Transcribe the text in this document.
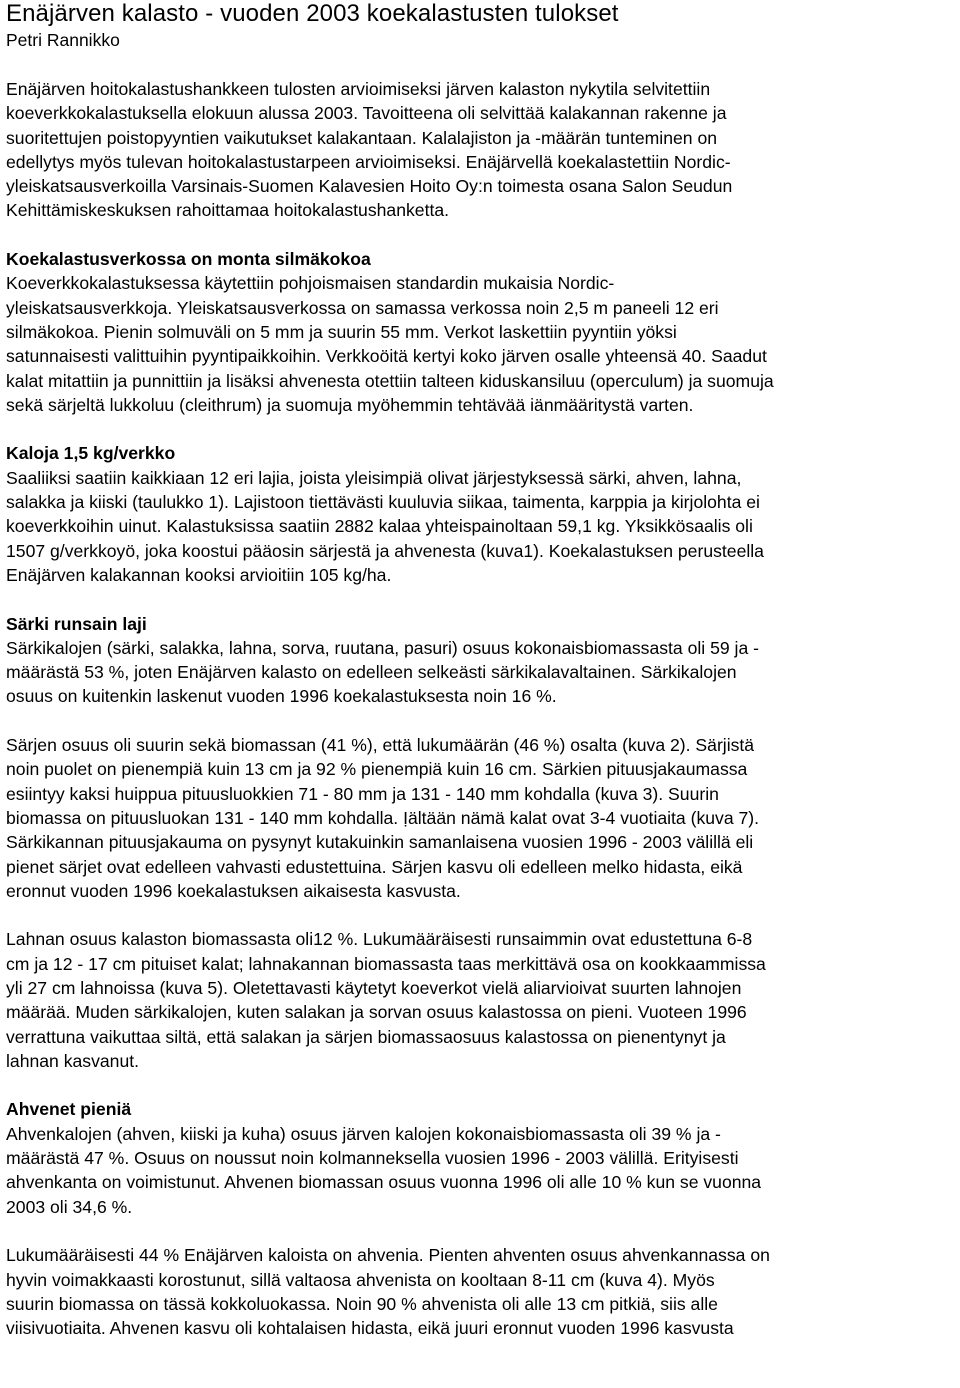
Enäjärven kalasto - vuoden 2003 koekalastusten tulokset
Petri Rannikko

Enäjärven hoitokalastushankkeen tulosten arvioimiseksi järven kalaston nykytila selvitettiin
koeverkkokalastuksella elokuun alussa 2003. Tavoitteena oli selvittää kalakannan rakenne ja
suoritettujen poistopyyntien vaikutukset kalakantaan. Kalalajiston ja -määrän tunteminen on
edellytys myös tulevan hoitokalastustarpeen arvioimiseksi. Enäjärvellä koekalastettiin Nordic-
yleiskatsausverkoilla Varsinais-Suomen Kalavesien Hoito Oy:n toimesta osana Salon Seudun
Kehittämiskeskuksen rahoittamaa hoitokalastushanketta.

Koekalastusverkossa on monta silmäkokoa

Koeverkkokalastuksessa käytettiin pohjoismaisen standardin mukaisia Nordic-
yleiskatsausverkkoja. Yleiskatsausverkossa on samassa verkossa noin 2,5 m paneeli 12 eri
silmäkokoa. Pienin solmuväli on 5 mm ja suurin 55 mm. Verkot laskettiin pyyntiin yöksi
satunnaisesti valittuihin pyyntipaikkoihin. Verkkoöitä kertyi koko järven osalle yhteensä 40. Saadut
kalat mitattiin ja punnittiin ja lisäksi ahvenesta otettiin talteen kiduskansiluu (operculum) ja suomuja
sekä särjeltä lukkoluu (cleithrum) ja suomuja myöhemmin tehtävää iänmääritystä varten.

Kaloja 1,5 kg/verkko

Saaliiksi saatiin kaikkiaan 12 eri lajia, joista yleisimpiä olivat järjestyksessä särki, ahven, lahna,
salakka ja kiiski (taulukko 1). Lajistoon tiettävästi kuuluvia siikaa, taimenta, karppia ja kirjolohta ei
koeverkkoihin uinut. Kalastuksissa saatiin 2882 kalaa yhteispainoltaan 59,1 kg. Yksikkösaalis oli
1507 g/verkkoyö, joka koostui pääosin särjestä ja ahvenesta (kuva1). Koekalastuksen perusteella
Enäjärven kalakannan kooksi arvioitiin 105 kg/ha.

Särki runsain laji

Särkikalojen (särki, salakka, lahna, sorva, ruutana, pasuri) osuus kokonaisbiomassasta oli 59 ja -
määrästä 53 %, joten Enäjärven kalasto on edelleen selkeästi särkikalavaltainen. Särkikalojen
osuus on kuitenkin laskenut vuoden 1996 koekalastuksesta noin 16 %.

Särjen osuus oli suurin sekä biomassan (41 %), että lukumäärän (46 %) osalta (kuva 2). Särjistä
noin puolet on pienempiä kuin 13 cm ja 92 % pienempiä kuin 16 cm. Särkien pituusjakaumassa
esiintyy kaksi huippua pituusluokkien 71 - 80 mm ja 131 - 140 mm kohdalla (kuva 3). Suurin
biomassa on pituusluokan 131 - 140 mm kohdalla. Ịältään nämä kalat ovat 3-4 vuotiaita (kuva 7).
Särkikannan pituusjakauma on pysynyt kutakuinkin samanlaisena vuosien 1996 - 2003 välillä eli
pienet särjet ovat edelleen vahvasti edustettuina. Särjen kasvu oli edelleen melko hidasta, eikä
eronnut vuoden 1996 koekalastuksen aikaisesta kasvusta.

Lahnan osuus kalaston biomassasta oli12 %. Lukumääräisesti runsaimmin ovat edustettuna 6-8
cm ja 12 - 17 cm pituiset kalat; lahnakannan biomassasta taas merkittävä osa on kookkaammissa
yli 27 cm lahnoissa (kuva 5). Oletettavasti käytetyt koeverkot vielä aliarvioivat suurten lahnojen
määrää. Muden särkikalojen, kuten salakan ja sorvan osuus kalastossa on pieni. Vuoteen 1996
verrattuna vaikuttaa siltä, että salakan ja särjen biomassaosuus kalastossa on pienentynyt ja
lahnan kasvanut.

Ahvenet pieniä

Ahvenkalojen (ahven, kiiski ja kuha) osuus järven kalojen kokonaisbiomassasta oli 39 % ja -
määrästä 47 %. Osuus on noussut noin kolmanneksella vuosien 1996 - 2003 välillä. Erityisesti
ahvenkanta on voimistunut. Ahvenen biomassan osuus vuonna 1996 oli alle 10 % kun se vuonna
2003 oli 34,6 %.

Lukumääräisesti 44 % Enäjärven kaloista on ahvenia. Pienten ahventen osuus ahvenkannassa on
hyvin voimakkaasti korostunut, sillä valtaosa ahvenista on kooltaan 8-11 cm (kuva 4). Myös
suurin biomassa on tässä kokkoluokassa. Noin 90 % ahvenista oli alle 13 cm pitkiä, siis alle
viisivuotiaita. Ahvenen kasvu oli kohtalaisen hidasta, eikä juuri eronnut vuoden 1996 kasvusta
